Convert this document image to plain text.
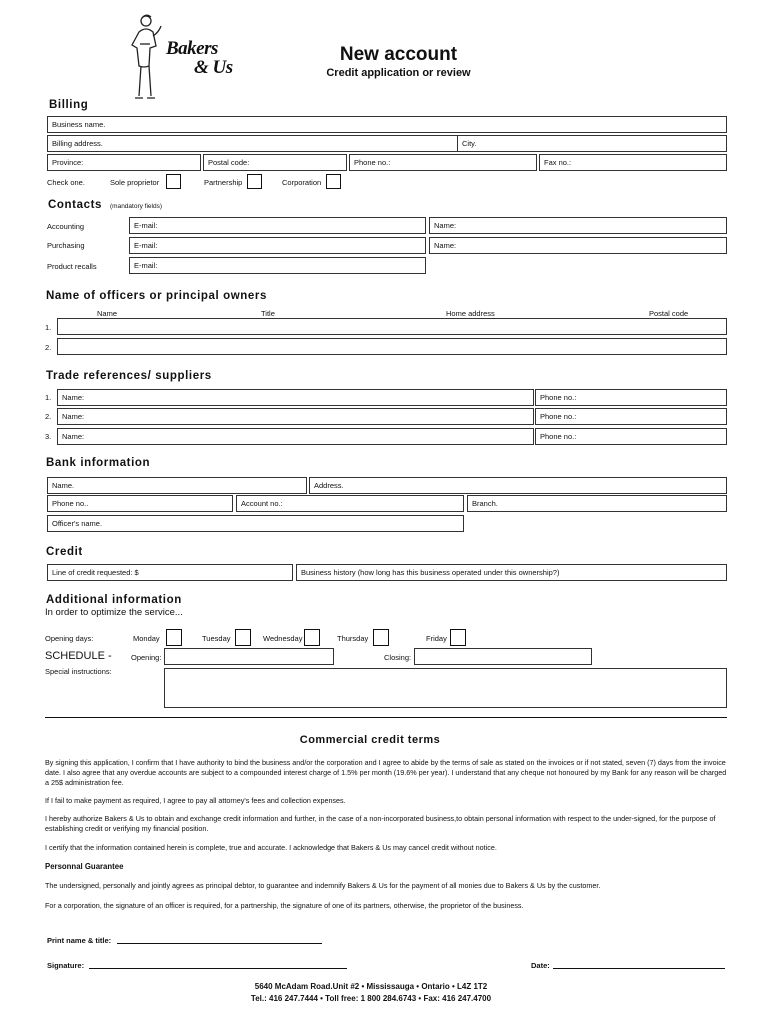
Bakers
& Us
New account
Credit application or review
Billing
Business name.
Billing address.	City.
Province:	Postal code:	Phone no.:	Fax no.:
Check one.	Sole proprietor	Partnership	Corporation
Contacts (mandatory fields)
Accounting	E-mail:	Name:
Purchasing	E-mail:	Name:
Product recalls	E-mail:
Name of officers or principal owners
Name	Title	Home address	Postal code
1.
2.
Trade references/ suppliers
1. Name:	Phone no.:
2. Name:	Phone no.:
3. Name:	Phone no.:
Bank information
Name.	Address.
Phone no..	Account no.:	Branch.
Officer's name.
Credit
Line of credit requested: $	Business history (how long has this business operated under this ownership?)
Additional information
In order to optimize the service...
Opening days:	Monday	Tuesday	Wednesday	Thursday	Friday
SCHEDULE -	Opening:	Closing:
Special instructions:
Commercial credit terms
By signing this application, I confirm that I have authority to bind the business and/or the corporation and I agree to abide by the terms of sale as stated on the invoices or if not stated, seven (7) days from the invoice date. I also agree that any overdue accounts are subject to a compounded interest charge of 1.5% per month (19.6% per year). I understand that any cheque not honoured by my Bank for any reason will be charged a 25$ administration fee.
If I fail to make payment as required, I agree to pay all attorney's fees and collection expenses.
I hereby authorize Bakers & Us to obtain and exchange credit information and further, in the case of a non-incorporated business,to obtain personal information with respect to the under-signed, for the purpose of establishing credit or verifying my financial position.
I certify that the information contained herein is complete, true and accurate. I acknowledge that Bakers & Us may cancel credit without notice.
Personnal Guarantee
The undersigned, personally and jointly agrees as principal debtor, to guarantee and indemnify Bakers & Us for the payment of all monies due to Bakers & Us by the customer.
For a corporation, the signature of an officer is required, for a partnership, the signature of one of its partners, otherwise, the proprietor of the business.
Print name & title:
Signature:	Date:
5640 McAdam Road.Unit #2 • Mississauga • Ontario • L4Z 1T2
Tel.: 416 247.7444 • Toll free: 1 800 284.6743 • Fax: 416 247.4700
